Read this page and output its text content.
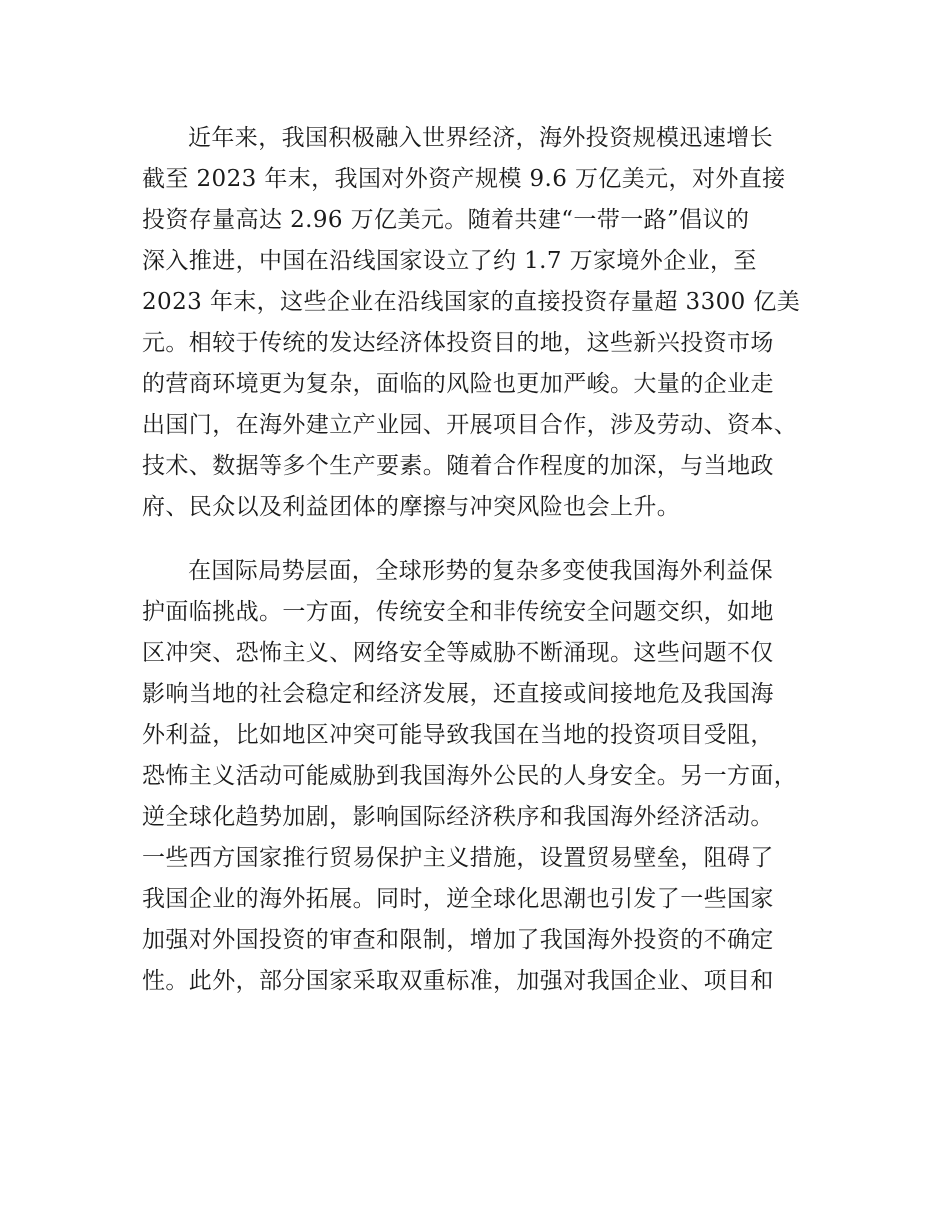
近年来，我国积极融入世界经济，海外投资规模迅速增长
截至 2023 年末，我国对外资产规模 9.6 万亿美元，对外直接
投资存量高达 2.96 万亿美元。随着共建“一带一路”倡议的
深入推进，中国在沿线国家设立了约 1.7 万家境外企业，至
2023 年末，这些企业在沿线国家的直接投资存量超 3300 亿美
元。相较于传统的发达经济体投资目的地，这些新兴投资市场
的营商环境更为复杂，面临的风险也更加严峻。大量的企业走
出国门，在海外建立产业园、开展项目合作，涉及劳动、资本、
技术、数据等多个生产要素。随着合作程度的加深，与当地政
府、民众以及利益团体的摩擦与冲突风险也会上升。
在国际局势层面，全球形势的复杂多变使我国海外利益保
护面临挑战。一方面，传统安全和非传统安全问题交织，如地
区冲突、恐怖主义、网络安全等威胁不断涌现。这些问题不仅
影响当地的社会稳定和经济发展，还直接或间接地危及我国海
外利益，比如地区冲突可能导致我国在当地的投资项目受阻，
恐怖主义活动可能威胁到我国海外公民的人身安全。另一方面，
逆全球化趋势加剧，影响国际经济秩序和我国海外经济活动。
一些西方国家推行贸易保护主义措施，设置贸易壁垒，阻碍了
我国企业的海外拓展。同时，逆全球化思潮也引发了一些国家
加强对外国投资的审查和限制，增加了我国海外投资的不确定
性。此外，部分国家采取双重标准，加强对我国企业、项目和
